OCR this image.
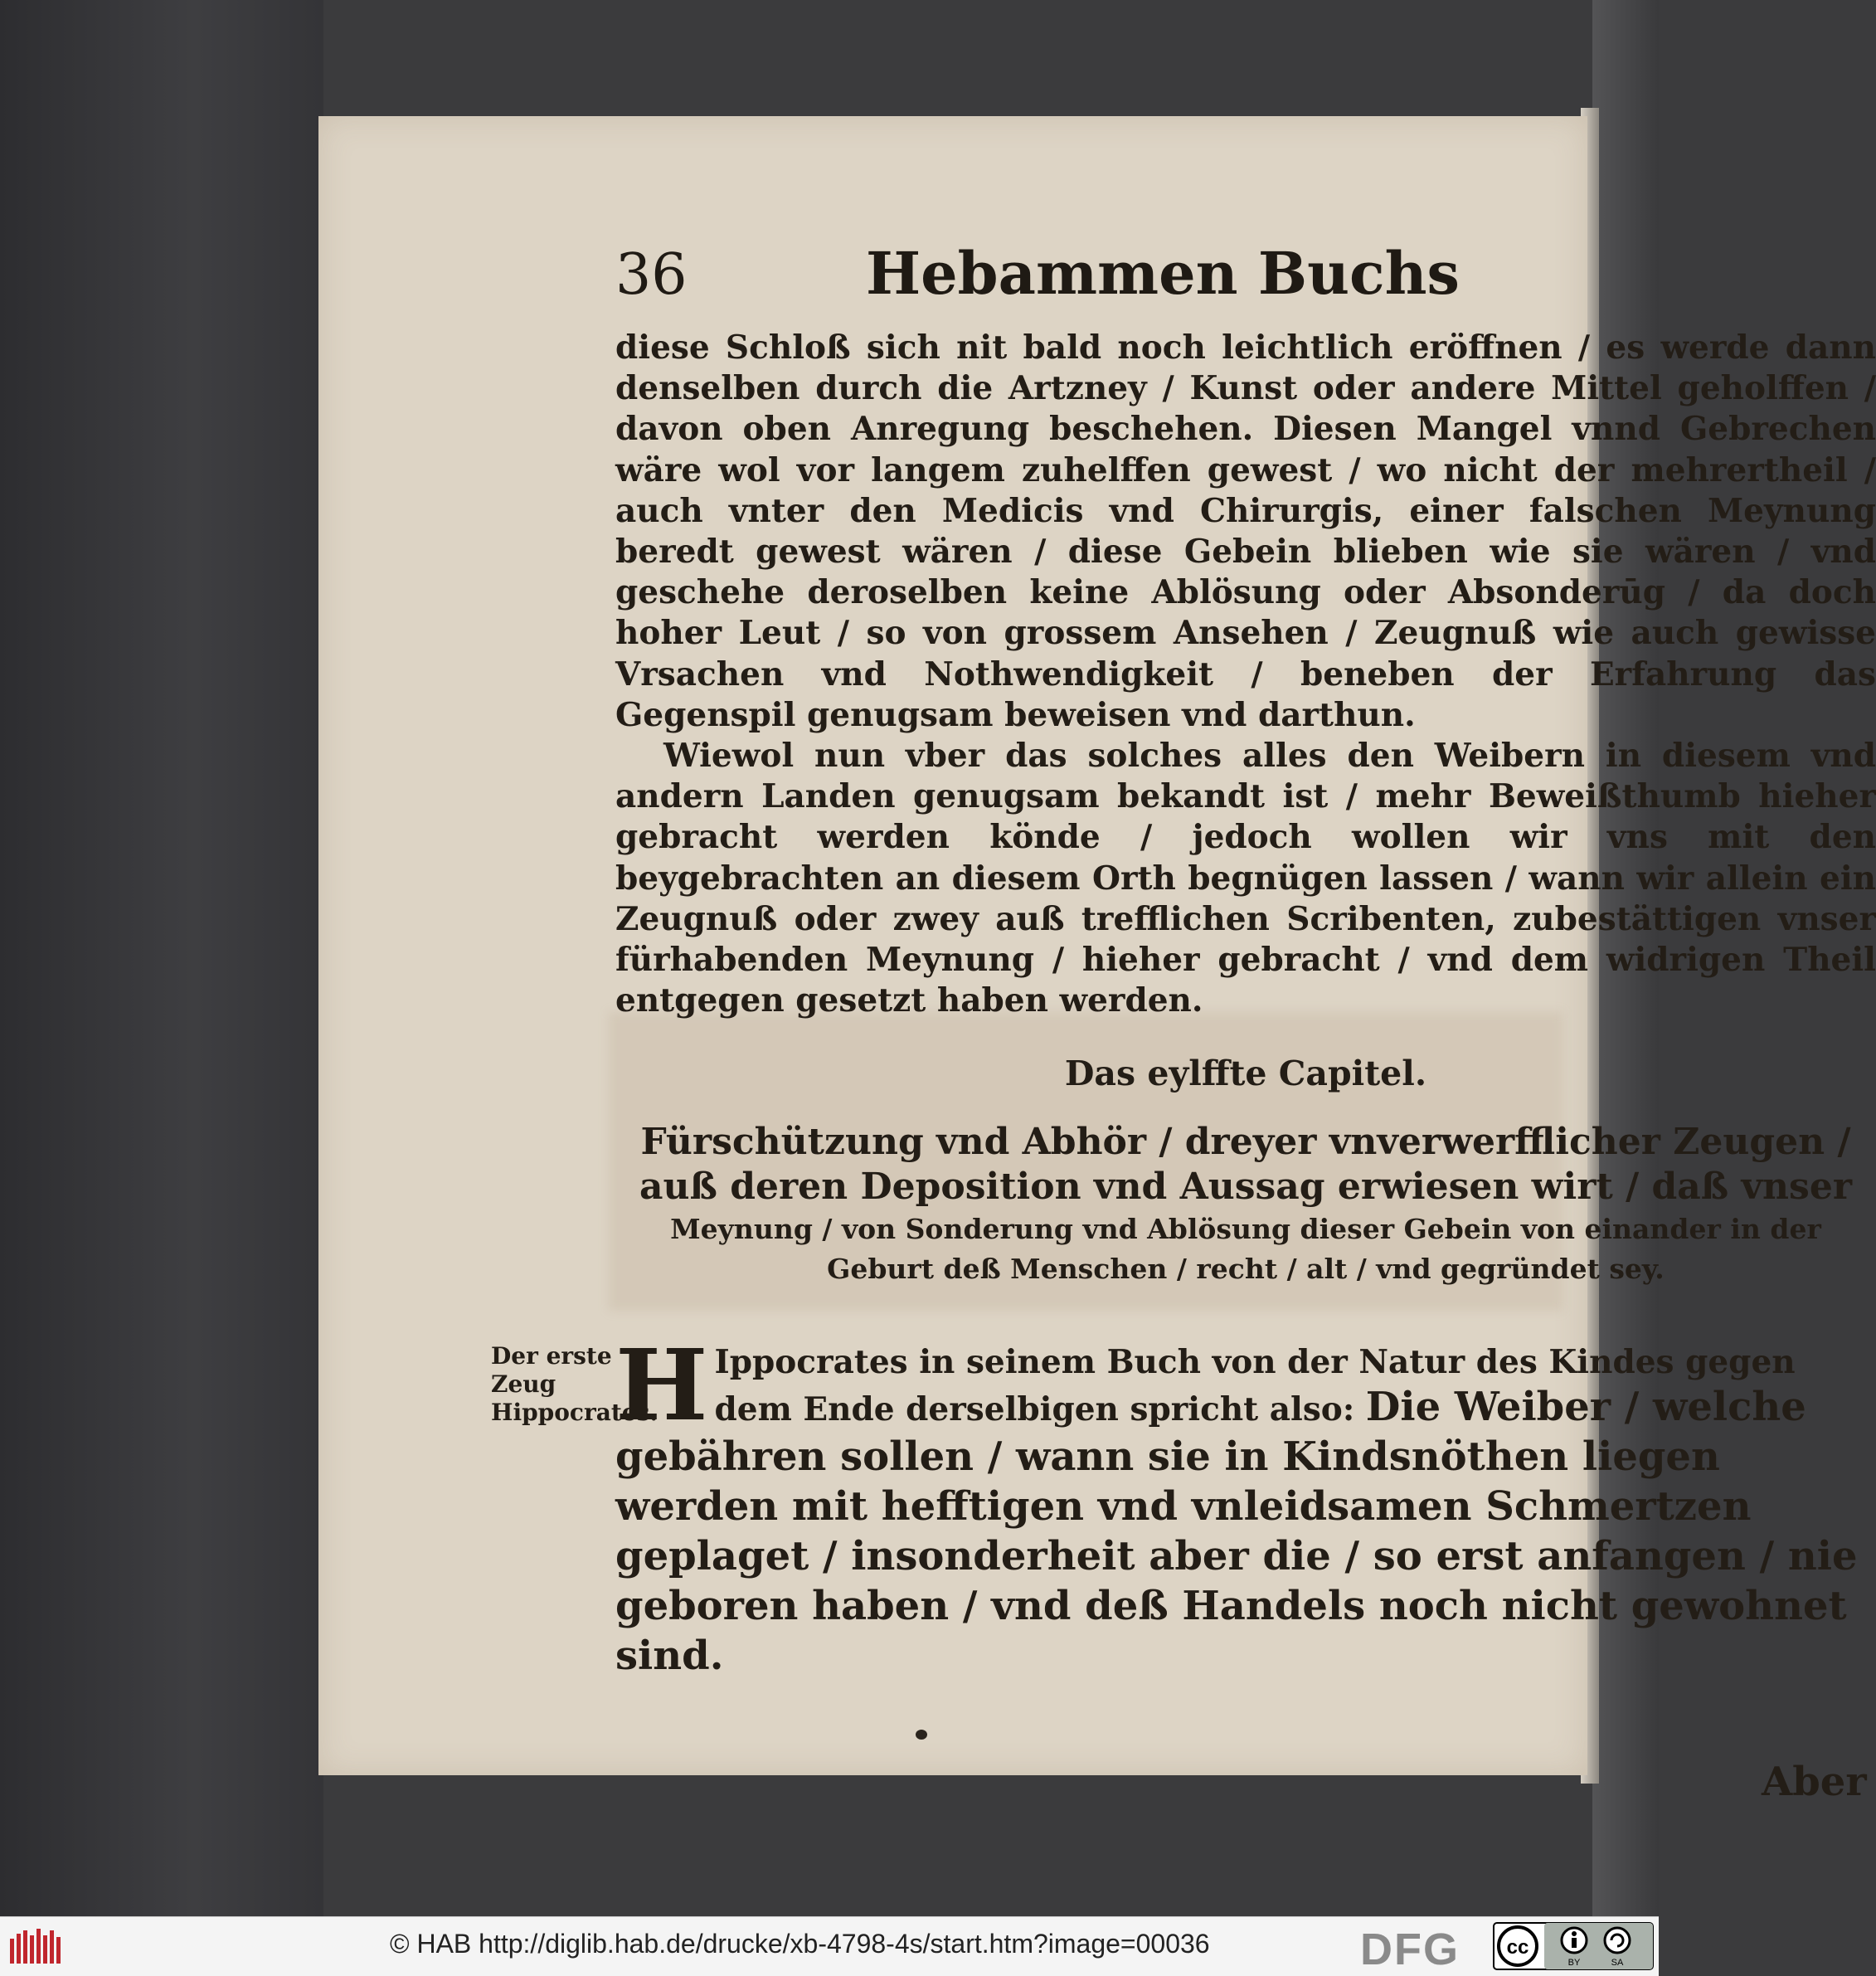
36	Hebammen Buchs

diese Schloß sich nit bald noch leichtlich eröffnen / es werde dann denselben durch die Artzney / Kunst oder andere Mittel geholffen / davon oben Anregung beschehen. Diesen Mangel vnnd Gebrechen wäre wol vor langem zuhelffen gewest / wo nicht der mehrertheil / auch vnter den Medicis vnd Chirurgis, einer falschen Meynung beredt gewest wären / diese Gebein blieben wie sie wären / vnd geschehe deroselben keine Ablösung oder Absonderūg / da doch hoher Leut / so von grossem Ansehen / Zeugnuß wie auch gewisse Vrsachen vnd Nothwendigkeit / beneben der Erfahrung das Gegenspil genugsam beweisen vnd darthun.

Wiewol nun vber das solches alles den Weibern in diesem vnd andern Landen genugsam bekandt ist / mehr Beweißthumb hieher gebracht werden könde / jedoch wollen wir vns mit den beygebrachten an diesem Orth begnügen lassen / wann wir allein ein Zeugnuß oder zwey auß trefflichen Scribenten, zubestättigen vnser fürhabenden Meynung / hieher gebracht / vnd dem widrigen Theil entgegen gesetzt haben werden.

Das eylffte Capitel.
Fürschützung vnd Abhör / dreyer vnverwerfflicher Zeugen / auß deren Deposition vnd Aussag erwiesen wirt / daß vnser
Meynung / von Sonderung vnd Ablösung dieser Gebein von einander in der Geburt deß Menschen / recht / alt / vnd gegründet sey.
Der erste Zeug Hippocrates.
H Ippocrates in seinem Buch von der Natur des Kindes gegen dem Ende derselbigen spricht also: Die Weiber / welche gebähren sollen / wann sie in Kindsnöthen liegen werden mit hefftigen vnd vnleidsamen Schmertzen geplaget / insonderheit aber die / so erst anfangen / nie geboren haben / vnd deß Handels noch nicht gewohnet sind.
Aber
© HAB http://diglib.hab.de/drucke/xb-4798-4s/start.htm?image=00036	DFG cc
BY	SA
